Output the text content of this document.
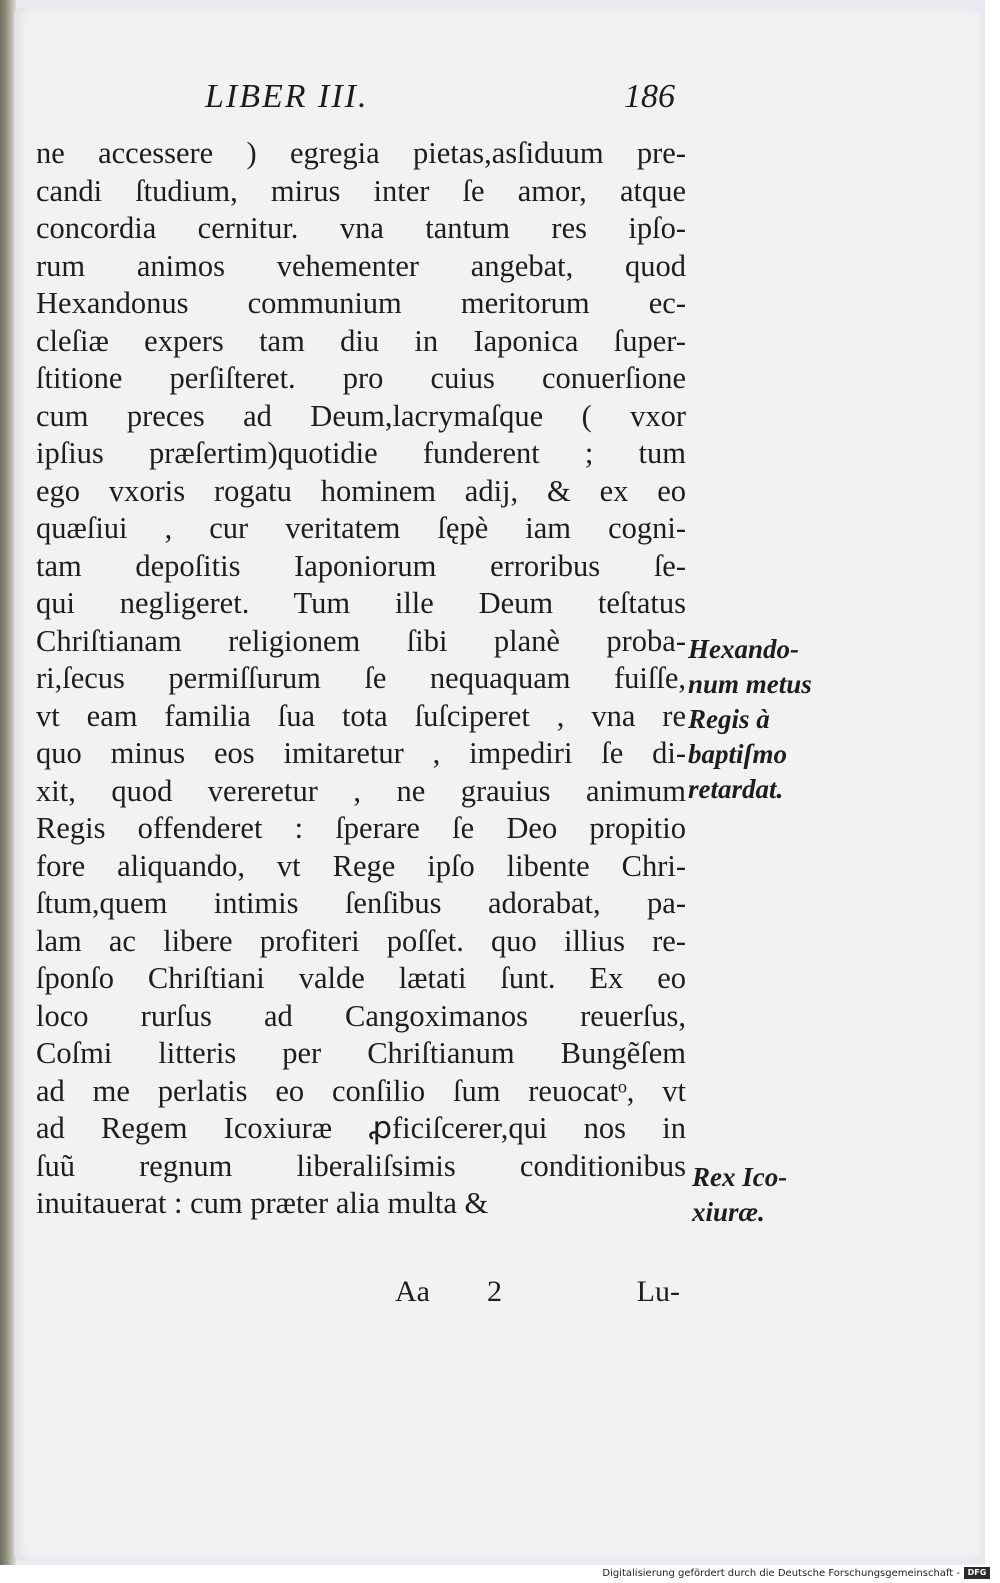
LIBER III.	186
ne accessere ) egregia pietas,asſiduum pre-
candi ſtudium, mirus inter ſe amor, atque
concordia cernitur. vna tantum res ipſo-
rum animos vehementer angebat, quod
Hexandonus communium meritorum ec-
cleſiæ expers tam diu in Iaponica ſuper-
ſtitione perſiſteret. pro cuius conuerſione
cum preces ad Deum,lacrymaſque ( vxor
ipſius præſertim)quotidie funderent ; tum
ego vxoris rogatu hominem adij, & ex eo
quæſiui , cur veritatem ſępè iam cogni-
tam depoſitis Iaponiorum erroribus ſe-
qui negligeret. Tum ille Deum teſtatus
Chriſtianam religionem ſibi planè proba-
ri,ſecus permiſſurum ſe nequaquam fuiſſe,
vt eam familia ſua tota ſuſciperet , vna re
quo minus eos imitaretur , impediri ſe di-
xit, quod vereretur , ne grauius animum
Regis offenderet : ſperare ſe Deo propitio
fore aliquando, vt Rege ipſo libente Chri-
ſtum,quem intimis ſenſibus adorabat, pa-
lam ac libere profiteri poſſet. quo illius re-
ſponſo Chriſtiani valde lætati ſunt. Ex eo
loco rurſus ad Cangoximanos reuerſus,
Coſmi litteris per Chriſtianum Bungẽſem
ad me perlatis eo conſilio ſum reuocatᵒ, vt
ad Regem Icoxiuræ ꝓficiſcerer,qui nos in
ſuũ regnum liberaliſsimis conditionibus
inuitauerat : cum præter alia multa &
Hexando-
num metus
Regis à
baptiſmo
retardat.
Rex Ico-
xiuræ.
Aa 2	Lu-
Digitalisierung gefördert durch die Deutsche Forschungsgemeinschaft - DFG
